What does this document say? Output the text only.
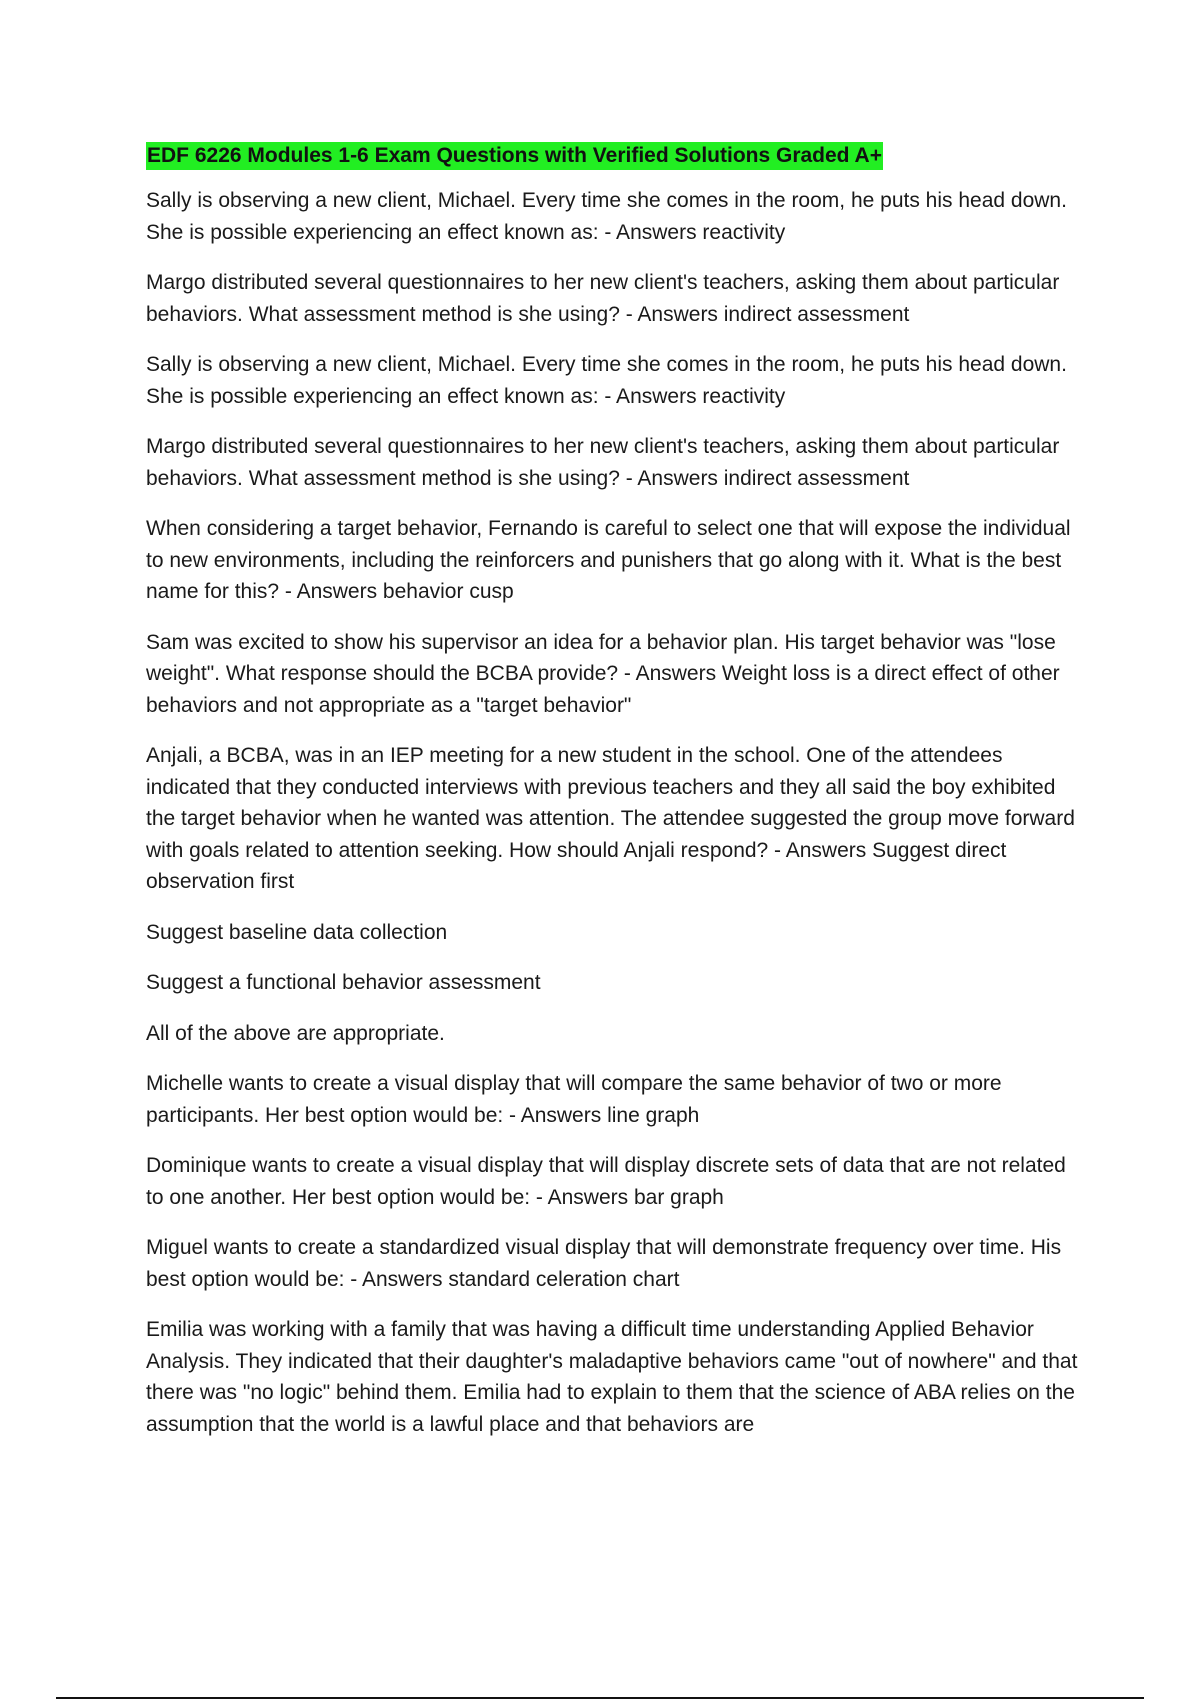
EDF 6226 Modules 1-6 Exam Questions with Verified Solutions Graded A+

Sally is observing a new client, Michael. Every time she comes in the room, he puts his head down. She is possible experiencing an effect known as: - Answers reactivity

Margo distributed several questionnaires to her new client's teachers, asking them about particular behaviors. What assessment method is she using? - Answers indirect assessment

Sally is observing a new client, Michael. Every time she comes in the room, he puts his head down. She is possible experiencing an effect known as: - Answers reactivity

Margo distributed several questionnaires to her new client's teachers, asking them about particular behaviors. What assessment method is she using? - Answers indirect assessment

When considering a target behavior, Fernando is careful to select one that will expose the individual to new environments, including the reinforcers and punishers that go along with it. What is the best name for this? - Answers behavior cusp

Sam was excited to show his supervisor an idea for a behavior plan. His target behavior was "lose weight". What response should the BCBA provide? - Answers Weight loss is a direct effect of other behaviors and not appropriate as a "target behavior"

Anjali, a BCBA, was in an IEP meeting for a new student in the school. One of the attendees indicated that they conducted interviews with previous teachers and they all said the boy exhibited the target behavior when he wanted was attention. The attendee suggested the group move forward with goals related to attention seeking. How should Anjali respond? - Answers Suggest direct observation first

Suggest baseline data collection

Suggest a functional behavior assessment

All of the above are appropriate.

Michelle wants to create a visual display that will compare the same behavior of two or more participants. Her best option would be: - Answers line graph

Dominique wants to create a visual display that will display discrete sets of data that are not related to one another. Her best option would be: - Answers bar graph

Miguel wants to create a standardized visual display that will demonstrate frequency over time. His best option would be: - Answers standard celeration chart

Emilia was working with a family that was having a difficult time understanding Applied Behavior Analysis. They indicated that their daughter's maladaptive behaviors came "out of nowhere" and that there was "no logic" behind them. Emilia had to explain to them that the science of ABA relies on the assumption that the world is a lawful place and that behaviors are
